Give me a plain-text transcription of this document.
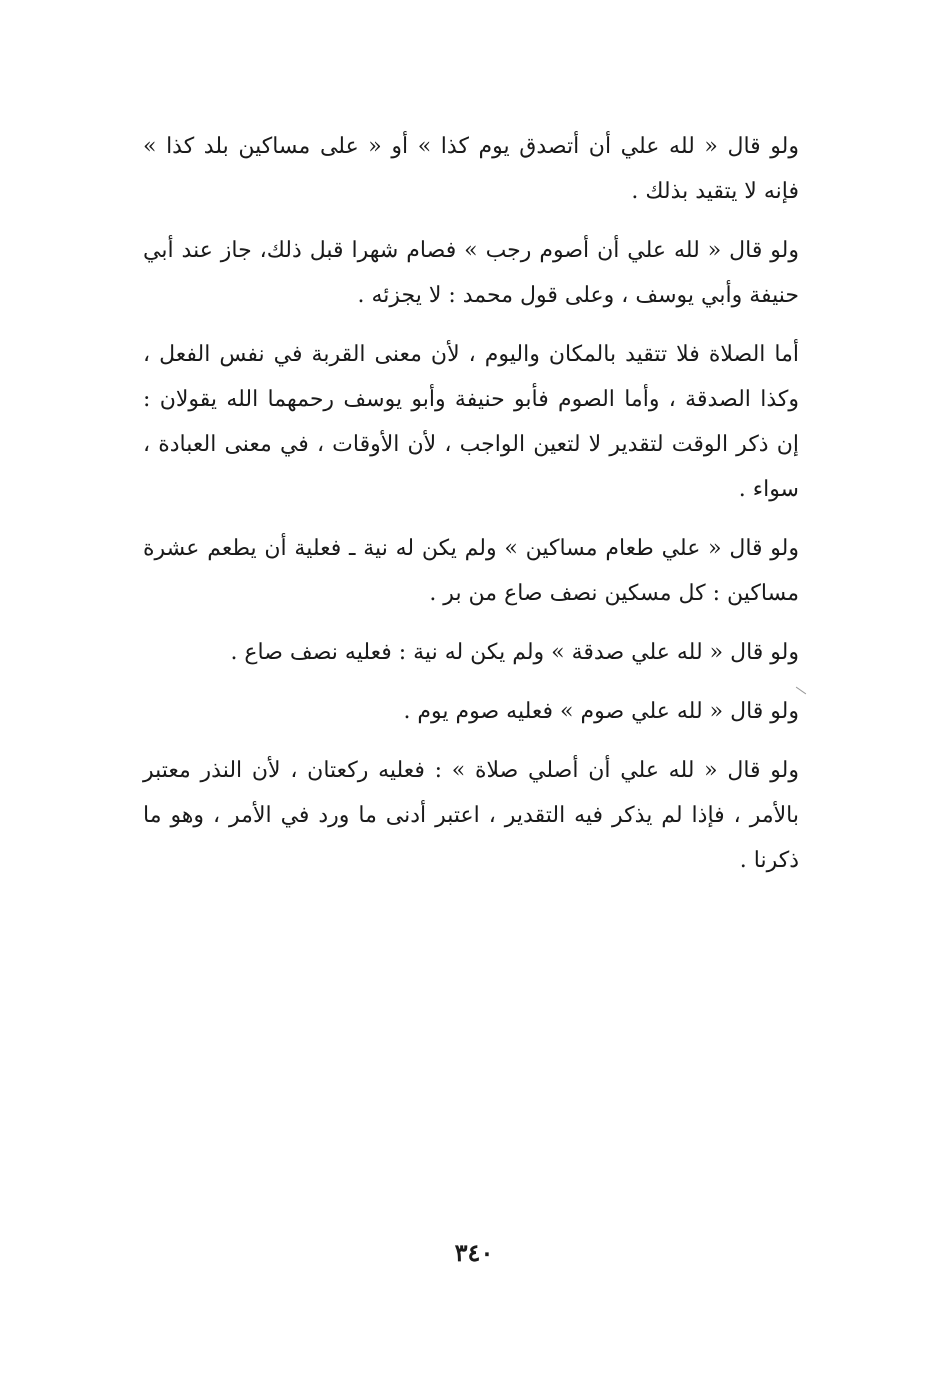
ولو قال « لله علي أن أتصدق يوم كذا » أو « على مساكين بلد كذا » فإنه لا يتقيد بذلك .

ولو قال « لله علي أن أصوم رجب » فصام شهرا قبل ذلك، جاز عند أبي حنيفة وأبي يوسف ، وعلى قول محمد : لا يجزئه .

أما الصلاة فلا تتقيد بالمكان واليوم ، لأن معنى القربة في نفس الفعل ، وكذا الصدقة ، وأما الصوم فأبو حنيفة وأبو يوسف رحمهما الله يقولان : إن ذكر الوقت لتقدير لا لتعين الواجب ، لأن الأوقات ، في معنى العبادة ، سواء .

ولو قال « علي طعام مساكين » ولم يكن له نية ـ فعلية أن يطعم عشرة مساكين : كل مسكين نصف صاع من بر .

ولو قال « لله علي صدقة » ولم يكن له نية : فعليه نصف صاع .

ولو قال « لله علي صوم » فعليه صوم يوم .

ولو قال « لله علي أن أصلي صلاة » : فعليه ركعتان ، لأن النذر معتبر بالأمر ، فإذا لم يذكر فيه التقدير ، اعتبر أدنى ما ورد في الأمر ، وهو ما ذكرنا .

٣٤٠
